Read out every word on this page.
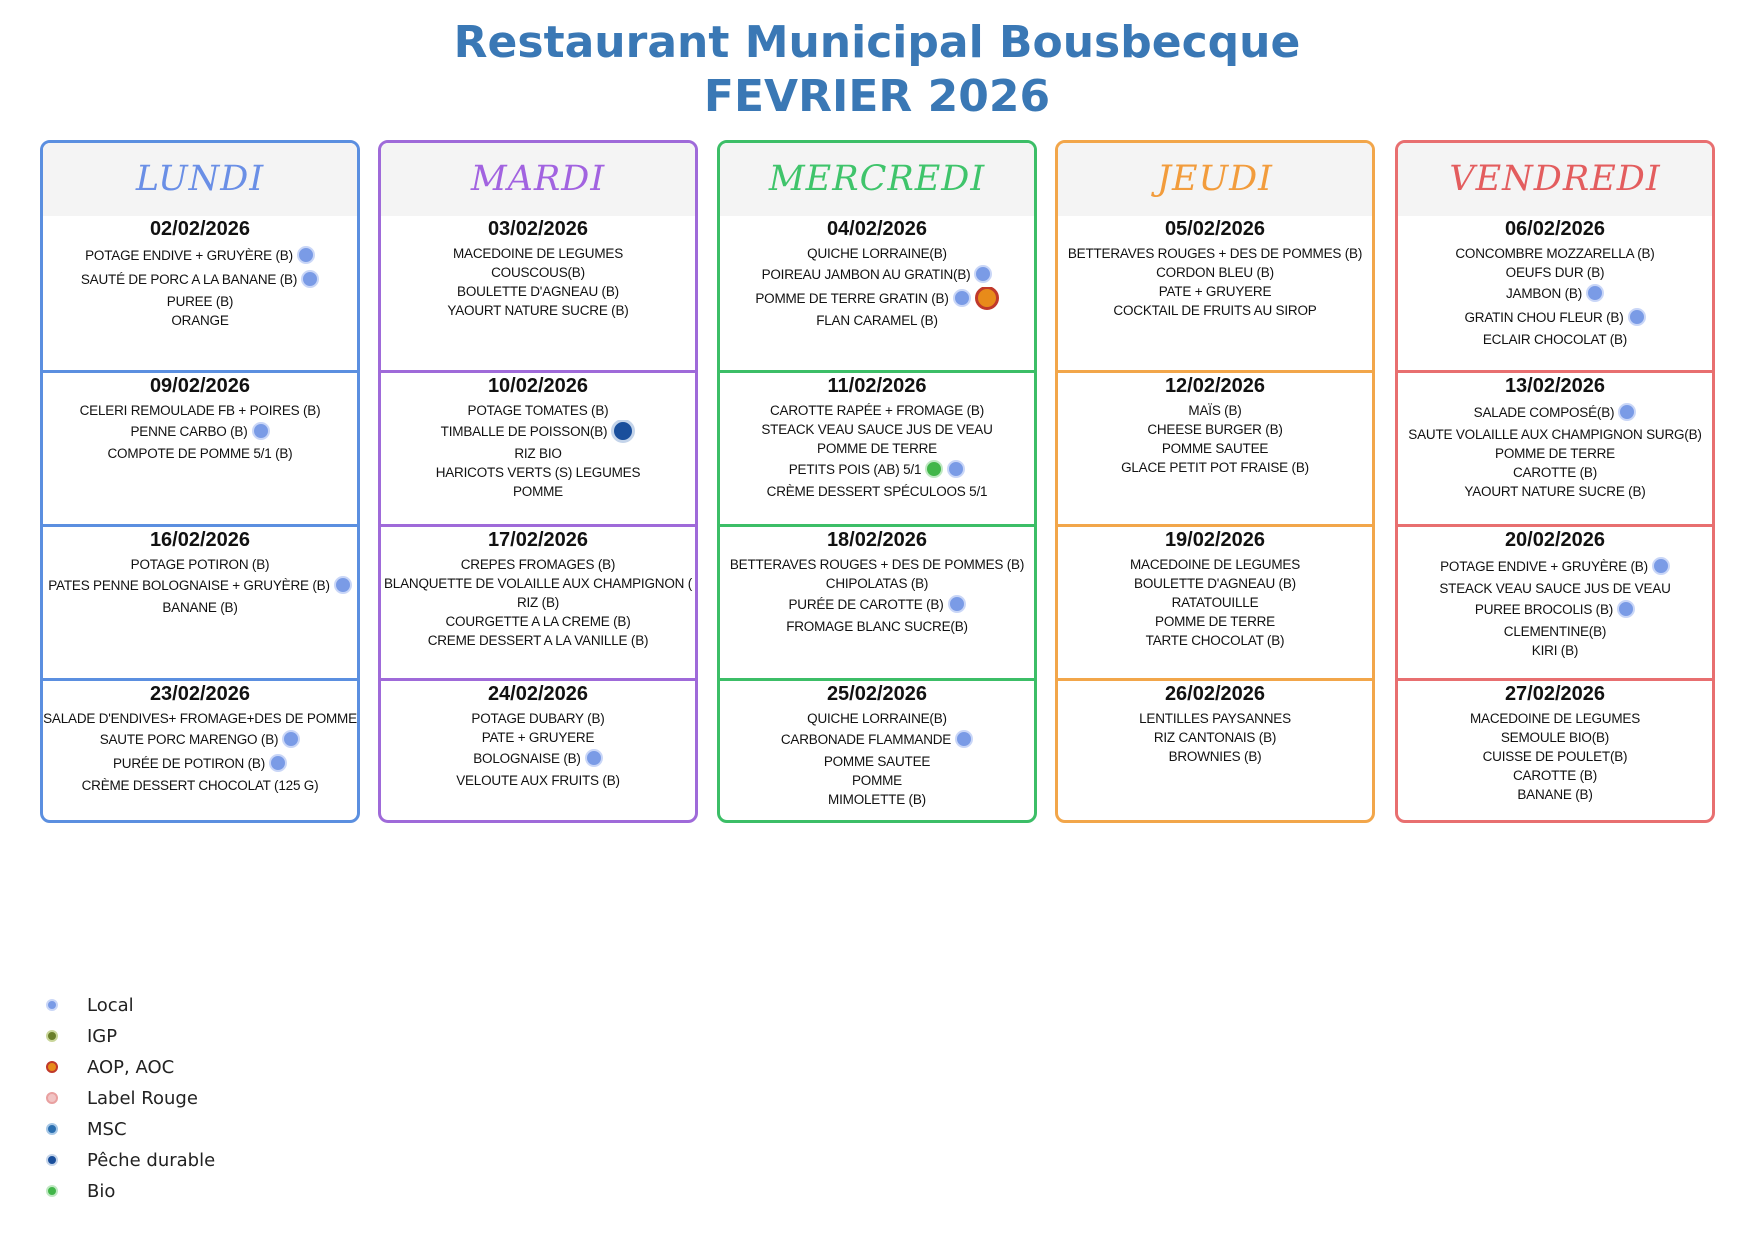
Restaurant Municipal Bousbecque
FEVRIER 2026
LUNDI
02/02/2026
POTAGE ENDIVE + GRUYÈRE (B)
SAUTÉ DE PORC A LA BANANE (B)
PUREE (B)
ORANGE
09/02/2026
CELERI REMOULADE FB + POIRES (B)
PENNE CARBO (B)
COMPOTE DE POMME 5/1 (B)
16/02/2026
POTAGE POTIRON (B)
PATES PENNE BOLOGNAISE + GRUYÈRE (B)
BANANE (B)
23/02/2026
SALADE D'ENDIVES+ FROMAGE+DES DE POMME
SAUTE PORC MARENGO (B)
PURÉE DE POTIRON (B)
CRÈME DESSERT CHOCOLAT (125 G)
MARDI
03/02/2026
MACEDOINE DE LEGUMES
COUSCOUS(B)
BOULETTE D'AGNEAU (B)
YAOURT NATURE SUCRE (B)
10/02/2026
POTAGE TOMATES (B)
TIMBALLE DE POISSON(B)
RIZ BIO
HARICOTS VERTS (S) LEGUMES
POMME
17/02/2026
CREPES FROMAGES (B)
BLANQUETTE DE VOLAILLE AUX CHAMPIGNON (
RIZ (B)
COURGETTE A LA CREME (B)
CREME DESSERT A LA VANILLE (B)
24/02/2026
POTAGE DUBARY (B)
PATE + GRUYERE
BOLOGNAISE (B)
VELOUTE AUX FRUITS (B)
MERCREDI
04/02/2026
QUICHE LORRAINE(B)
POIREAU JAMBON AU GRATIN(B)
POMME DE TERRE GRATIN (B)
FLAN CARAMEL (B)
11/02/2026
CAROTTE RAPÉE + FROMAGE (B)
STEACK VEAU SAUCE JUS DE VEAU
POMME DE TERRE
PETITS POIS (AB) 5/1
CRÈME DESSERT SPÉCULOOS 5/1
18/02/2026
BETTERAVES ROUGES + DES DE POMMES (B)
CHIPOLATAS (B)
PURÉE DE CAROTTE (B)
FROMAGE BLANC SUCRE(B)
25/02/2026
QUICHE LORRAINE(B)
CARBONADE FLAMMANDE
POMME SAUTEE
POMME
MIMOLETTE (B)
JEUDI
05/02/2026
BETTERAVES ROUGES + DES DE POMMES (B)
CORDON BLEU (B)
PATE + GRUYERE
COCKTAIL DE FRUITS AU SIROP
12/02/2026
MAÏS (B)
CHEESE BURGER (B)
POMME SAUTEE
GLACE PETIT POT FRAISE (B)
19/02/2026
MACEDOINE DE LEGUMES
BOULETTE D'AGNEAU (B)
RATATOUILLE
POMME DE TERRE
TARTE CHOCOLAT (B)
26/02/2026
LENTILLES PAYSANNES
RIZ CANTONAIS (B)
BROWNIES (B)
VENDREDI
06/02/2026
CONCOMBRE MOZZARELLA (B)
OEUFS DUR (B)
JAMBON (B)
GRATIN CHOU FLEUR (B)
ECLAIR CHOCOLAT (B)
13/02/2026
SALADE COMPOSÉ(B)
SAUTE VOLAILLE AUX CHAMPIGNON SURG(B)
POMME DE TERRE
CAROTTE (B)
YAOURT NATURE SUCRE (B)
20/02/2026
POTAGE ENDIVE + GRUYÈRE (B)
STEACK VEAU SAUCE JUS DE VEAU
PUREE BROCOLIS (B)
CLEMENTINE(B)
KIRI (B)
27/02/2026
MACEDOINE DE LEGUMES
SEMOULE BIO(B)
CUISSE DE POULET(B)
CAROTTE (B)
BANANE (B)
Local
IGP
AOP, AOC
Label Rouge
MSC
Pêche durable
Bio
